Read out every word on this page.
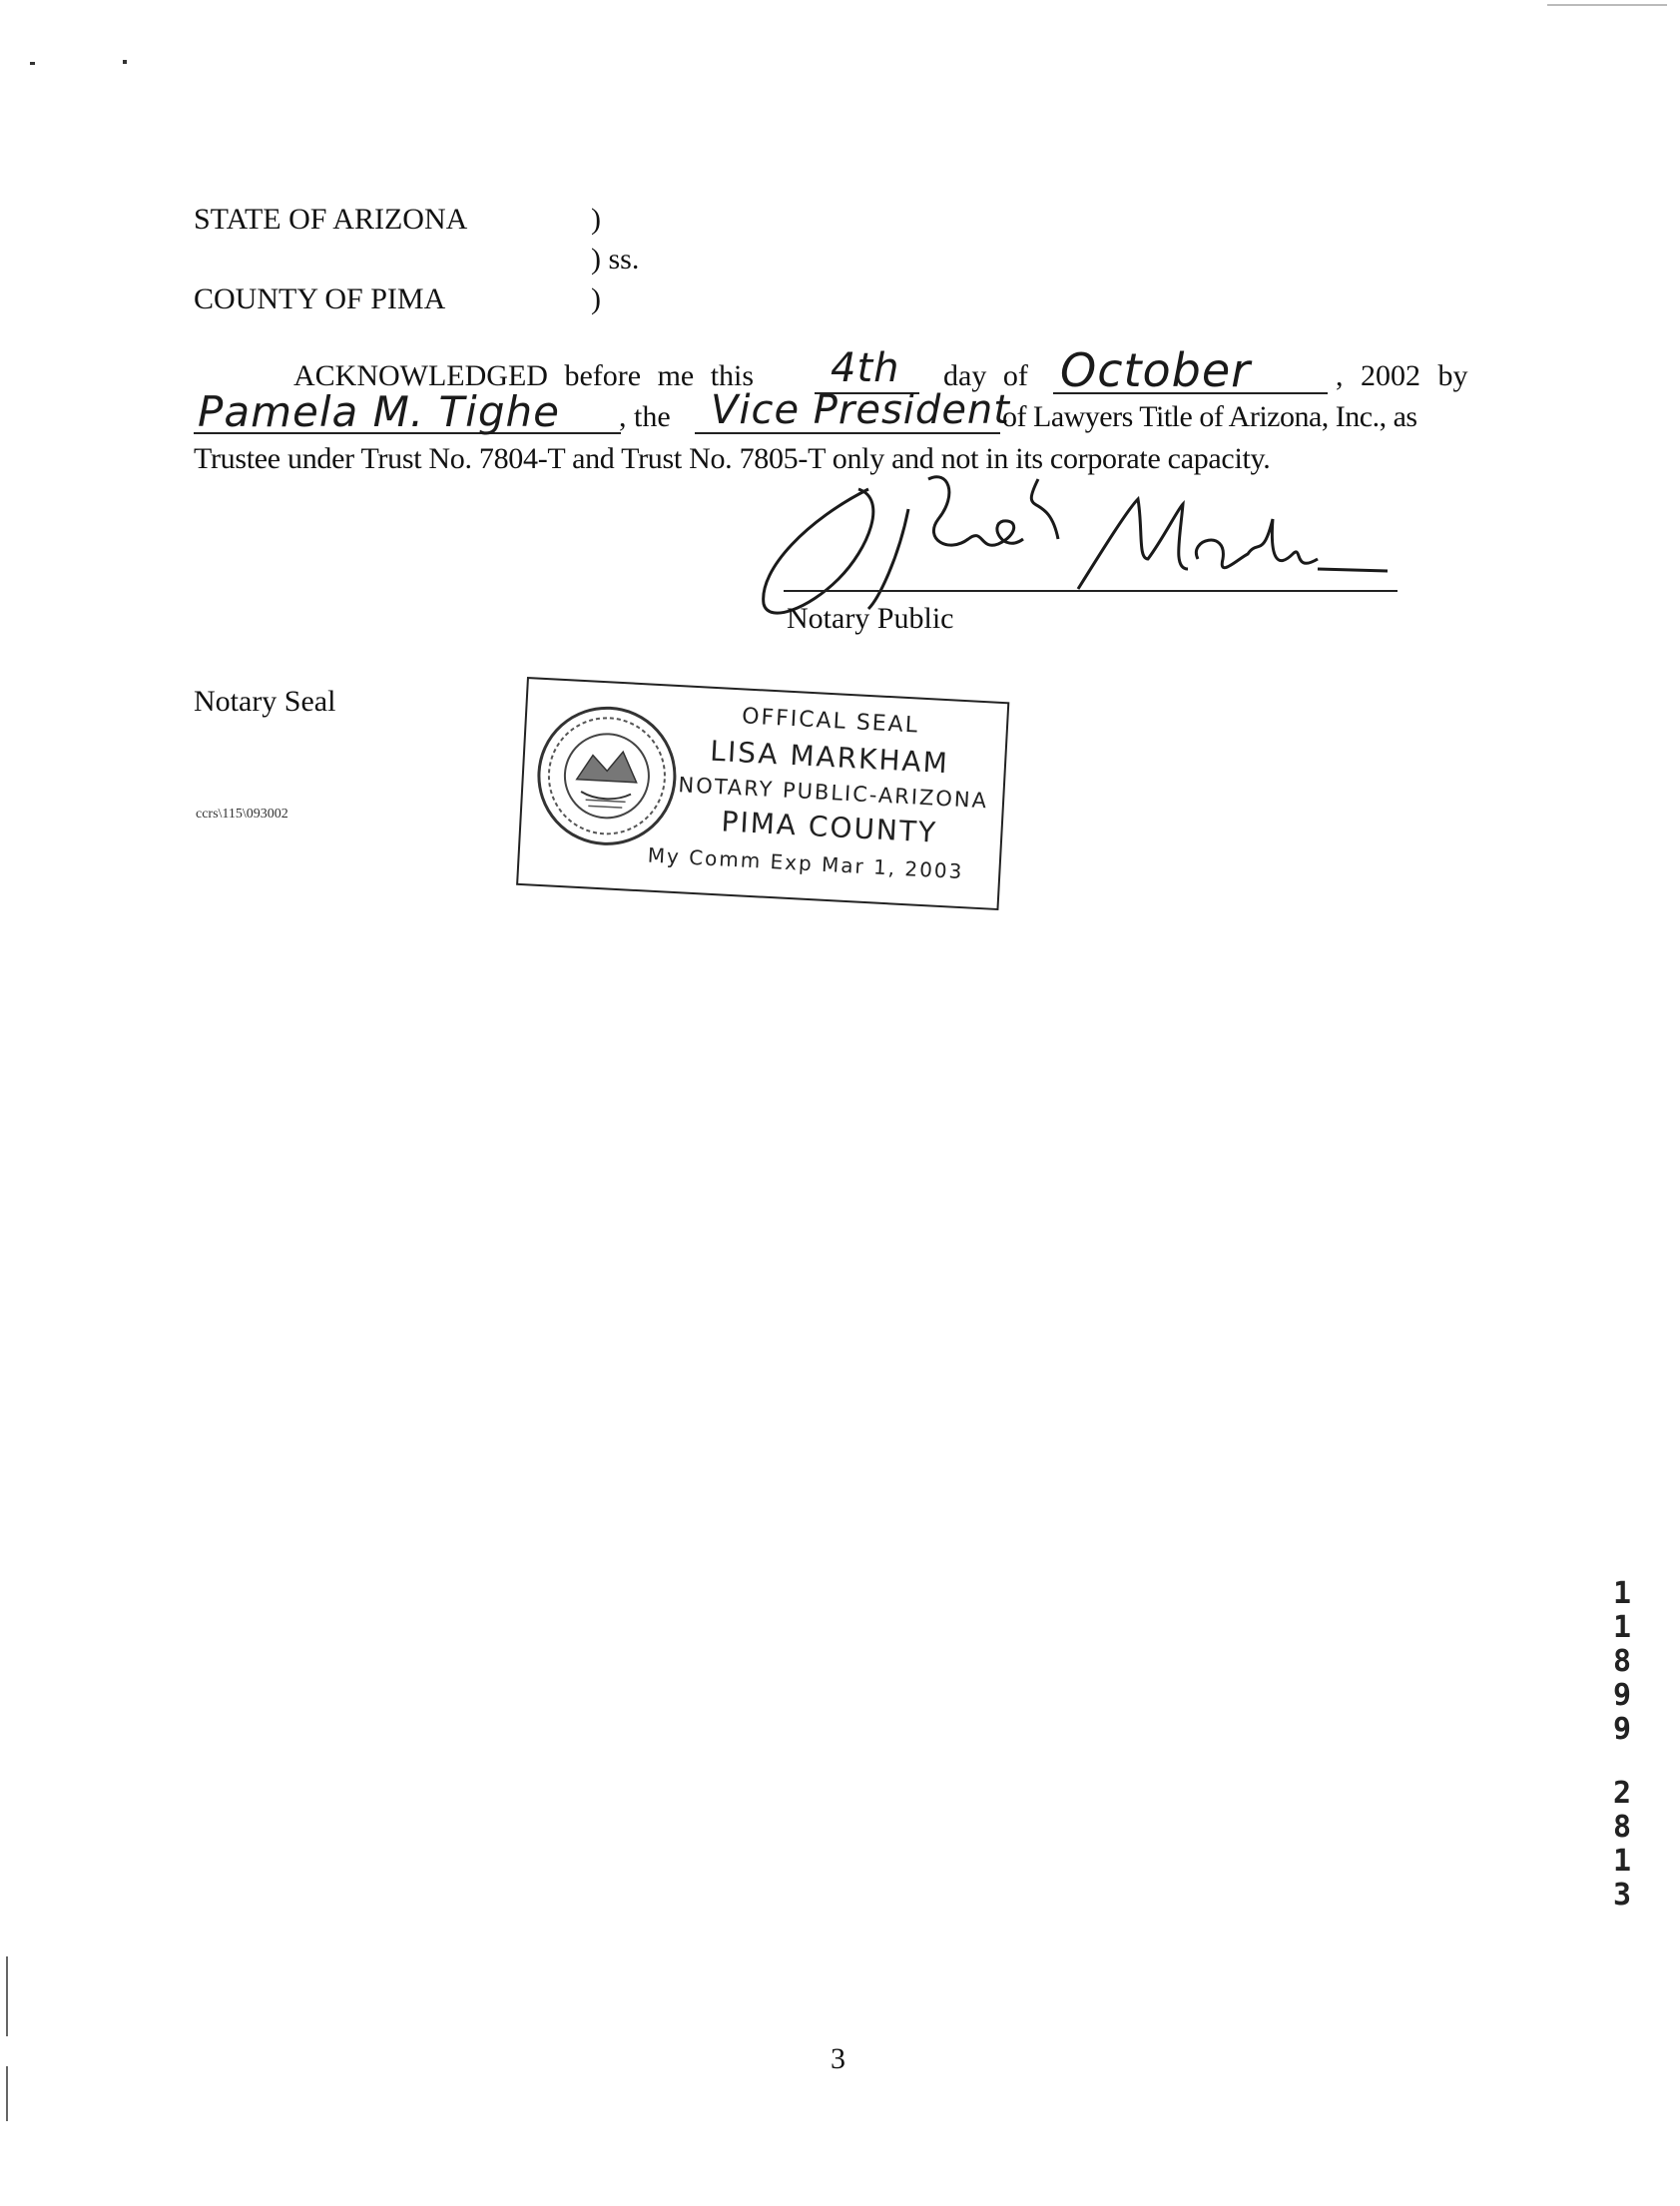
STATE OF ARIZONA	)
) ss.
COUNTY OF PIMA	)
ACKNOWLEDGED before me this 4th day of October	, 2002 by
Pamela M. Tighe , the Vice President
of Lawyers Title of Arizona, Inc., as
Trustee under Trust No. 7804-T and Trust No. 7805-T only and not in its corporate capacity.
Notary Public
Notary Seal
ccrs\115\093002
OFFICAL SEAL
LISA MARKHAM
NOTARY PUBLIC-ARIZONA
PIMA COUNTY
My Comm Exp Mar 1, 2003
1
1
8
9
9
2
8
1
3
3
